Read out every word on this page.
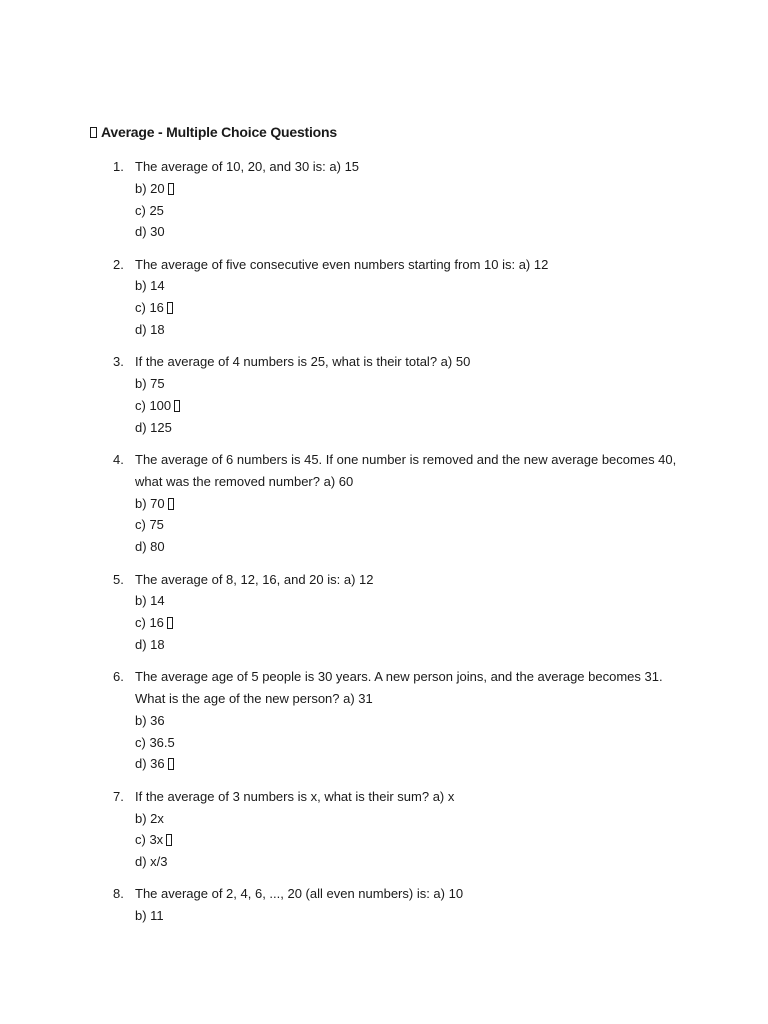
Average - Multiple Choice Questions
1. The average of 10, 20, and 30 is: a) 15
b) 20
c) 25
d) 30
2. The average of five consecutive even numbers starting from 10 is: a) 12
b) 14
c) 16
d) 18
3. If the average of 4 numbers is 25, what is their total? a) 50
b) 75
c) 100
d) 125
4. The average of 6 numbers is 45. If one number is removed and the new average becomes 40, what was the removed number? a) 60
b) 70
c) 75
d) 80
5. The average of 8, 12, 16, and 20 is: a) 12
b) 14
c) 16
d) 18
6. The average age of 5 people is 30 years. A new person joins, and the average becomes 31. What is the age of the new person? a) 31
b) 36
c) 36.5
d) 36
7. If the average of 3 numbers is x, what is their sum? a) x
b) 2x
c) 3x
d) x/3
8. The average of 2, 4, 6, ..., 20 (all even numbers) is: a) 10
b) 11
